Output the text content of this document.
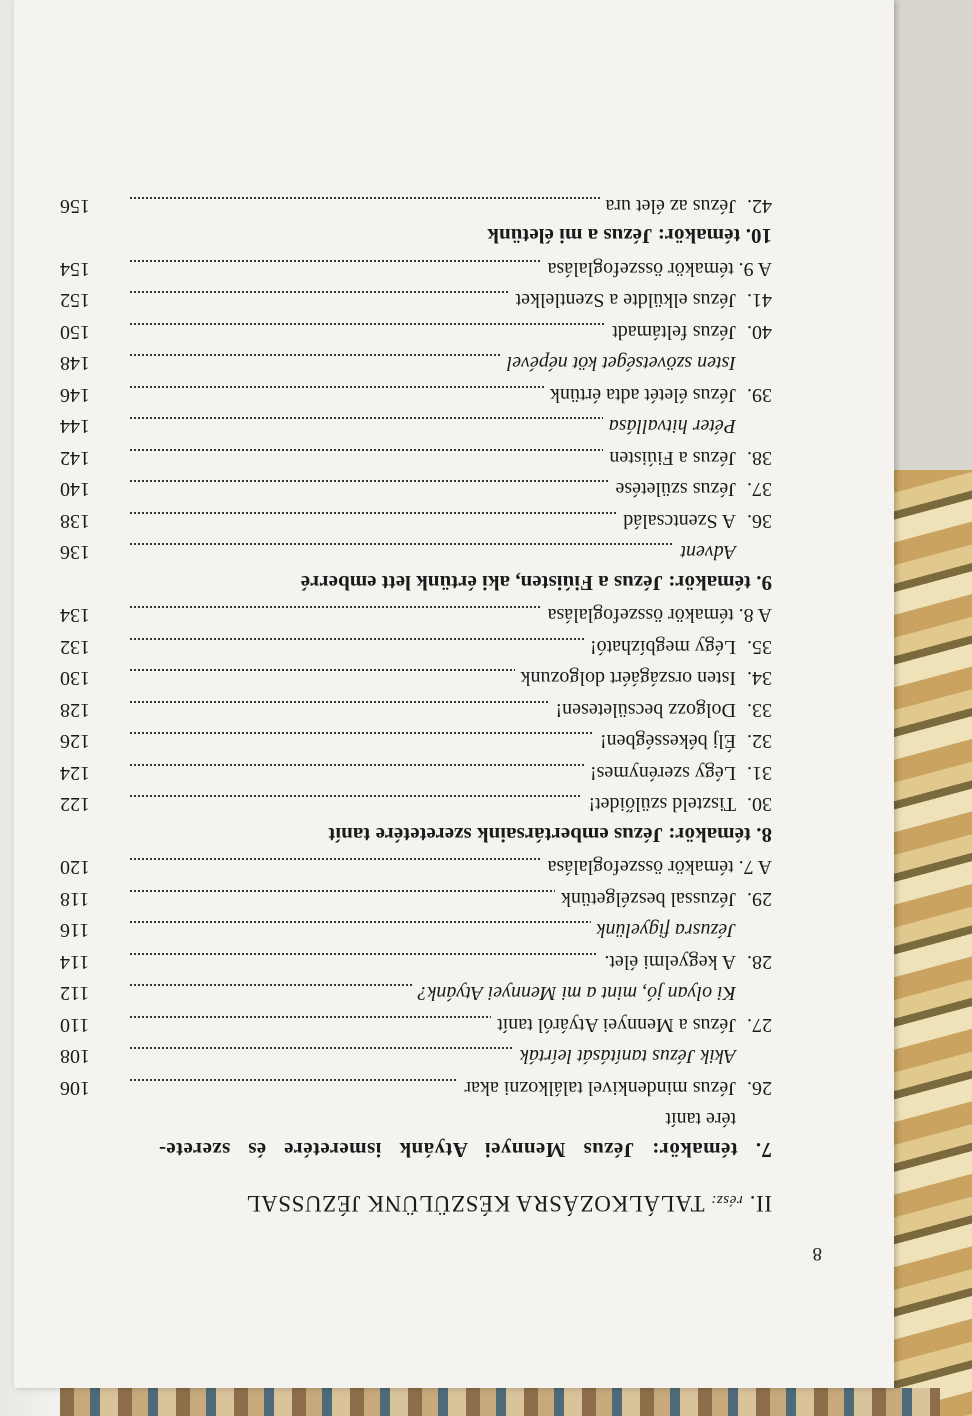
II. rész: TALÁLKOZÁSRA KÉSZÜLÜNK JÉZUSSAL
7. témakör: Jézus Mennyei Atyánk ismeretére és szerete-
tére tanít
26.Jézus mindenkivel találkozni akar
106
Akik Jézus tanítását leírták
108
27.Jézus a Mennyei Atyáról tanít
110
Ki olyan jó, mint a mi Mennyei Atyánk?
112
28.A kegyelmi élet.
114
Jézusra figyelünk
116
29.Jézussal beszélgetünk
118
A 7. témakör összefoglalása
120
8. témakör: Jézus embertársaink szeretetére tanít
30.Tiszteld szülőidet!
122
31.Légy szerénymes!
124
32.Élj békességben!
126
33.Dolgozz becsületesen!
128
34.Isten országáért dolgozunk
130
35.Légy megbízható!
132
A 8. témakör összefoglalása
134
9. témakör: Jézus a Fiúisten, aki értünk lett emberré
Advent
136
36.A Szentcsalád
138
37.Jézus születése
140
38.Jézus a Fiúisten
142
Péter hitvallása
144
39.Jézus életét adta értünk
146
Isten szövetséget köt népével
148
40.Jézus feltámadt
150
41.Jézus elküldte a Szentlelket
152
A 9. témakör összefoglalása
154
10. témakör: Jézus a mi életünk
42.Jézus az élet ura
156
8
